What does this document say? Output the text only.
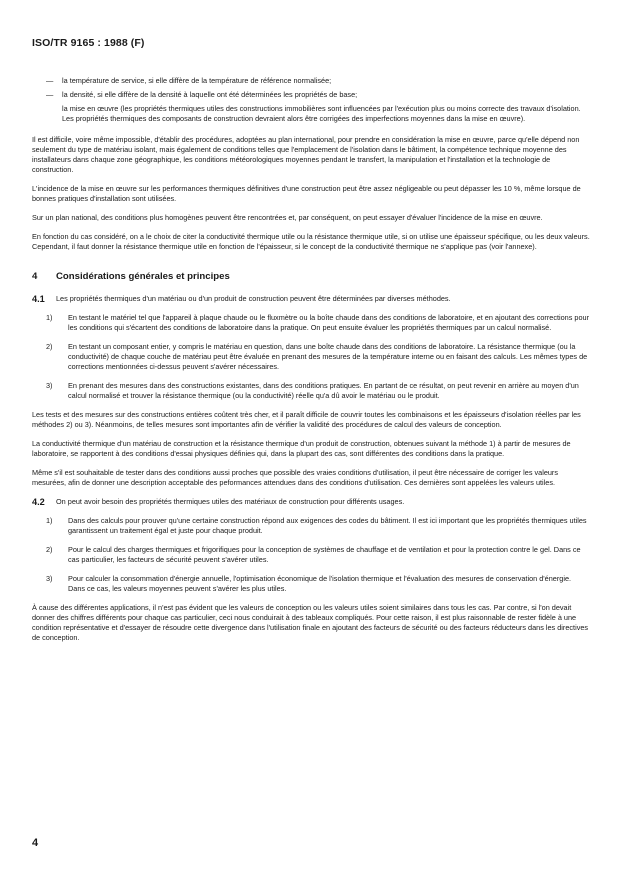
ISO/TR 9165 : 1988 (F)
— la température de service, si elle diffère de la température de référence normalisée;
— la densité, si elle diffère de la densité à laquelle ont été déterminées les propriétés de base;
la mise en œuvre (les propriétés thermiques utiles des constructions immobilières sont influencées par l'exécution plus ou moins correcte des travaux d'isolation. Les propriétés thermiques des composants de construction devraient alors être corrigées des imperfections moyennes dans la mise en œuvre).

Il est difficile, voire même impossible, d'établir des procédures, adoptées au plan international, pour prendre en considération la mise en œuvre, parce qu'elle dépend non seulement du type de matériau isolant, mais également de conditions telles que l'emplacement de l'isolation dans le bâtiment, la compétence technique moyenne des installateurs dans chaque zone géographique, les conditions météorologiques moyennes pendant le transfert, la manipulation et l'installation et la technologie de construction.

L'incidence de la mise en œuvre sur les performances thermiques définitives d'une construction peut être assez négligeable ou peut dépasser les 10 %, même lorsque de bonnes pratiques d'installation sont utilisées.

Sur un plan national, des conditions plus homogènes peuvent être rencontrées et, par conséquent, on peut essayer d'évaluer l'incidence de la mise en œuvre.

En fonction du cas considéré, on a le choix de citer la conductivité thermique utile ou la résistance thermique utile, si on utilise une épaisseur spécifique, ou les deux valeurs. Cependant, il faut donner la résistance thermique utile en fonction de l'épaisseur, si le concept de la conductivité thermique ne s'applique pas (voir l'annexe).

4 Considérations générales et principes
4.1 Les propriétés thermiques d'un matériau ou d'un produit de construction peuvent être déterminées par diverses méthodes.
1)	En testant le matériel tel que l'appareil à plaque chaude ou le fluxmètre ou la boîte chaude dans des conditions de laboratoire, et en ajoutant des corrections pour les conditions qui s'écartent des conditions de laboratoire dans la pratique. On peut ensuite évaluer les propriétés thermiques par un calcul normalisé.
2)	En testant un composant entier, y compris le matériau en question, dans une boîte chaude dans des conditions de laboratoire. La résistance thermique (ou la conductivité) de chaque couche de matériau peut être évaluée en prenant des mesures de la température interne ou en faisant des calculs. Les mêmes types de corrections mentionnées ci-dessus peuvent s'avérer nécessaires.
3)	En prenant des mesures dans des constructions existantes, dans des conditions pratiques. En partant de ce résultat, on peut revenir en arrière au moyen d'un calcul normalisé et trouver la résistance thermique (ou la conductivité) réelle qu'a dû avoir le matériau ou le produit.

Les tests et des mesures sur des constructions entières coûtent très cher, et il paraît difficile de couvrir toutes les combinaisons et les épaisseurs d'isolation réelles par les méthodes 2) ou 3). Néanmoins, de telles mesures sont importantes afin de vérifier la validité des procédures de calcul des valeurs de conception.

La conductivité thermique d'un matériau de construction et la résistance thermique d'un produit de construction, obtenues suivant la méthode 1) à partir de mesures de laboratoire, se rapportent à des conditions d'essai physiques définies qui, dans la plupart des cas, sont différentes des conditions dans la pratique.

Même s'il est souhaitable de tester dans des conditions aussi proches que possible des vraies conditions d'utilisation, il peut être nécessaire de corriger les valeurs mesurées, afin de donner une description acceptable des peformances attendues dans des conditions d'utilisation. Ces dernières sont appelées les valeurs utiles.

4.2 On peut avoir besoin des propriétés thermiques utiles des matériaux de construction pour différents usages.
1)	Dans des calculs pour prouver qu'une certaine construction répond aux exigences des codes du bâtiment. Il est ici important que les propriétés thermiques utiles garantissent un traitement égal et juste pour chaque produit.
2)	Pour le calcul des charges thermiques et frigorifiques pour la conception de systèmes de chauffage et de ventilation et pour la protection contre le gel. Dans ce cas particulier, les facteurs de sécurité peuvent s'avérer utiles.
3)	Pour calculer la consommation d'énergie annuelle, l'optimisation économique de l'isolation thermique et l'évaluation des mesures de conservation d'énergie. Dans ce cas, les valeurs moyennes peuvent s'avérer les plus utiles.

À cause des différentes applications, il n'est pas évident que les valeurs de conception ou les valeurs utiles soient similaires dans tous les cas. Par contre, si l'on devait donner des chiffres différents pour chaque cas particulier, ceci nous conduirait à des tableaux compliqués. Pour cette raison, il est plus raisonnable de rester fidèle à une condition représentative et d'essayer de résoudre cette divergence dans l'utilisation finale en ajoutant des facteurs de sécurité ou des facteurs réducteurs dans les directives de conception.

4
